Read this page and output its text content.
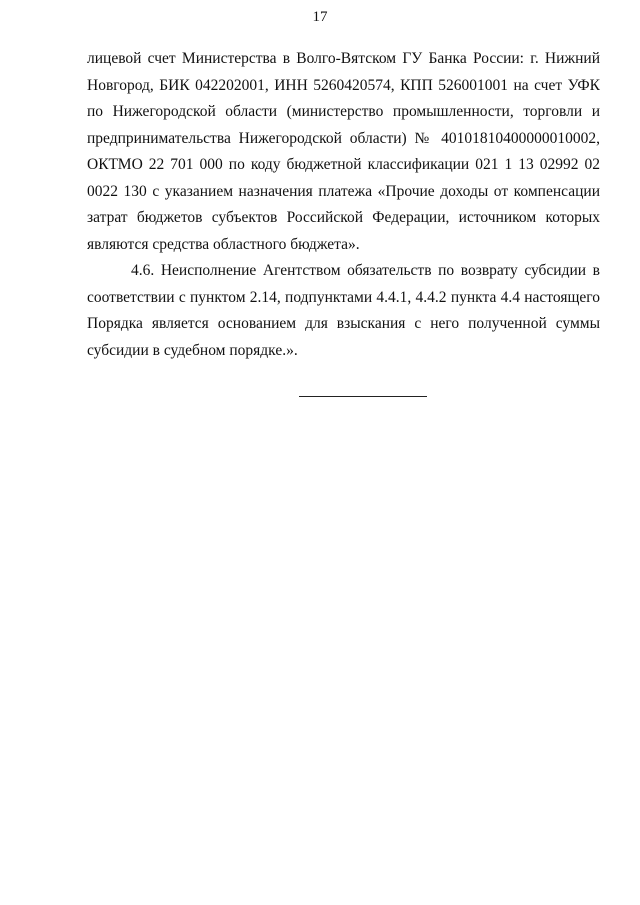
17
лицевой счет Министерства в Волго-Вятском ГУ Банка России: г. Нижний
Новгород, БИК 042202001, ИНН 5260420574, КПП 526001001 на счет УФК
по Нижегородской области (министерство промышленности, торговли и
предпринимательства Нижегородской области) № 40101810400000010002,
ОКТМО 22 701 000 по коду бюджетной классификации 021 1 13 02992 02
0022 130 с указанием назначения платежа «Прочие доходы от компенсации
затрат бюджетов субъектов Российской Федерации, источником которых
являются средства областного бюджета».
4.6. Неисполнение Агентством обязательств по возврату субсидии в
соответствии с пунктом 2.14, подпунктами 4.4.1, 4.4.2 пункта 4.4 настоящего
Порядка является основанием для взыскания с него полученной суммы
субсидии в судебном порядке.».
